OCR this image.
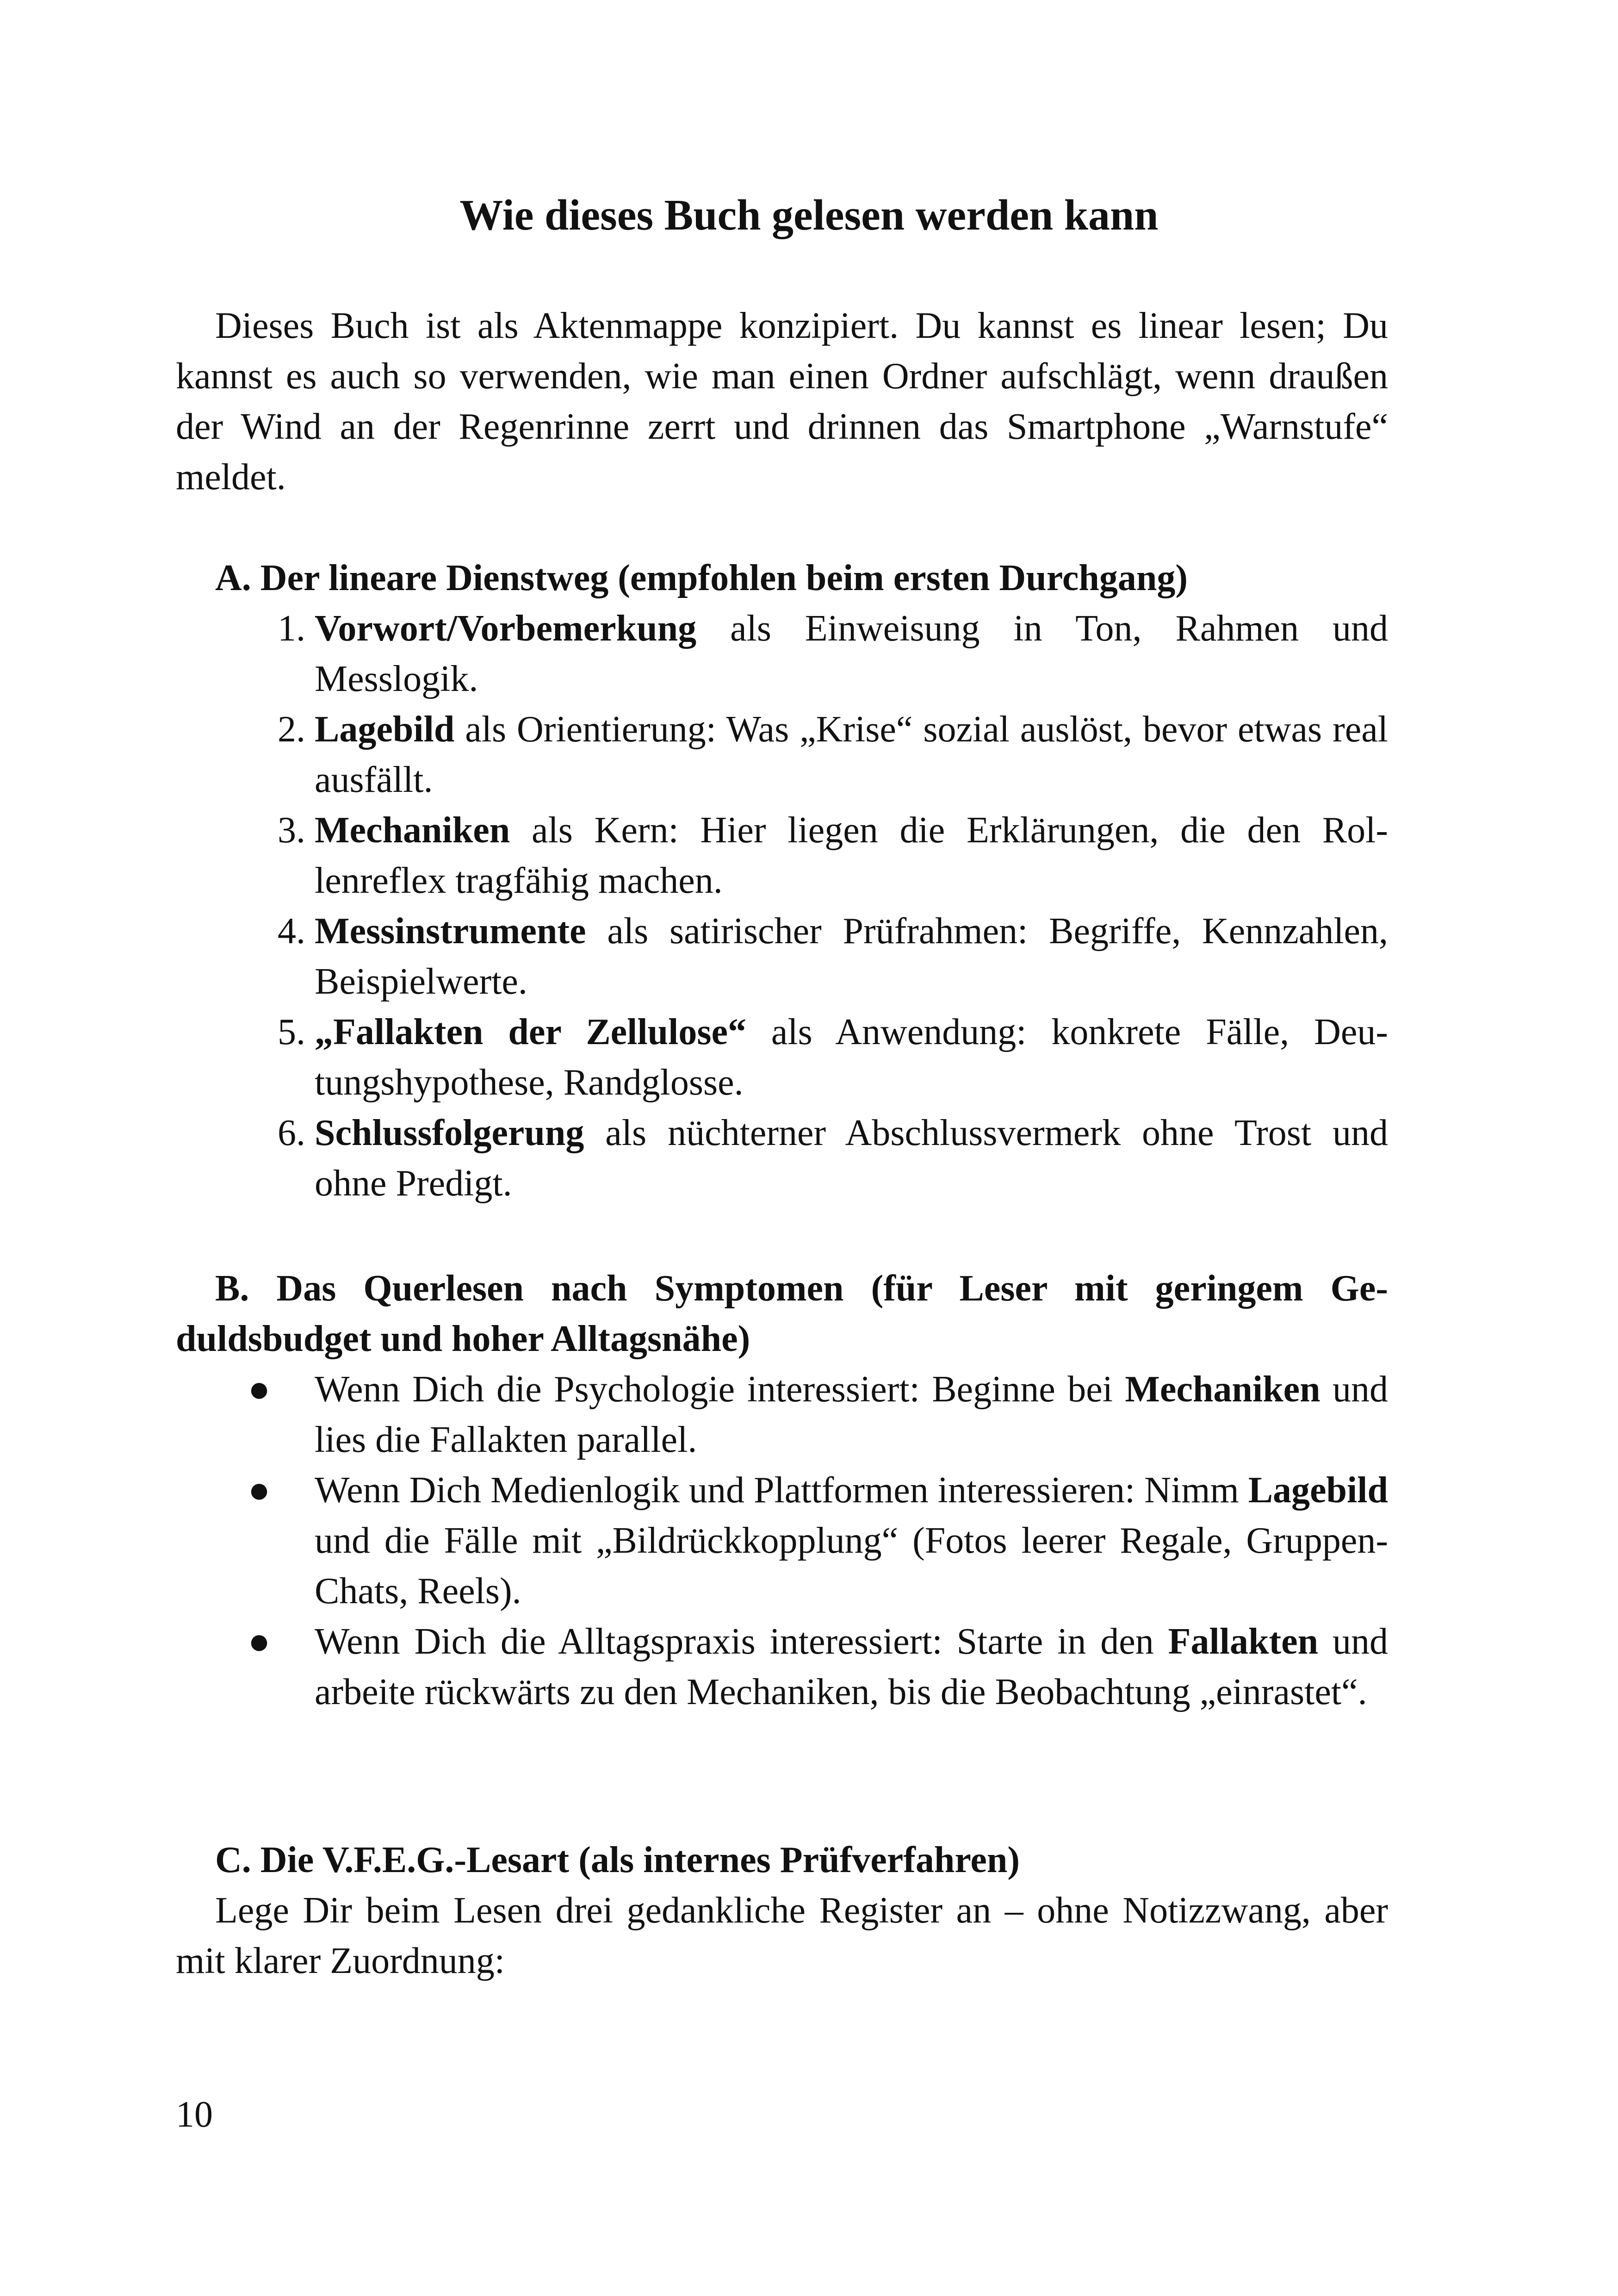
Wie dieses Buch gelesen werden kann

Dieses Buch ist als Aktenmappe konzipiert. Du kannst es linear lesen; Du kannst es auch so verwenden, wie man einen Ordner aufschlägt, wenn draußen der Wind an der Regenrinne zerrt und drinnen das Smartphone „Warnstufe“ meldet.

A. Der lineare Dienstweg (empfohlen beim ersten Durchgang)

1. Vorwort/Vorbemerkung als Einweisung in Ton, Rahmen und Messlogik.
2. Lagebild als Orientierung: Was „Krise“ sozial auslöst, bevor etwas real ausfällt.
3. Mechaniken als Kern: Hier liegen die Erklärungen, die den Rollenreflex tragfähig machen.
4. Messinstrumente als satirischer Prüfrahmen: Begriffe, Kennzahlen, Beispielwerte.
5. „Fallakten der Zellulose“ als Anwendung: konkrete Fälle, Deutungshypothese, Randglosse.
6. Schlussfolgerung als nüchterner Abschlussvermerk ohne Trost und ohne Predigt.

B. Das Querlesen nach Symptomen (für Leser mit geringem Geduldsbudget und hoher Alltagsnähe)

● Wenn Dich die Psychologie interessiert: Beginne bei Mechaniken und lies die Fallakten parallel.
● Wenn Dich Medienlogik und Plattformen interessieren: Nimm Lagebild und die Fälle mit „Bildrückkopplung“ (Fotos leerer Regale, Gruppen-Chats, Reels).
● Wenn Dich die Alltagspraxis interessiert: Starte in den Fallakten und arbeite rückwärts zu den Mechaniken, bis die Beobachtung „einrastet“.

C. Die V.F.E.G.-Lesart (als internes Prüfverfahren)

Lege Dir beim Lesen drei gedankliche Register an – ohne Notizzwang, aber mit klarer Zuordnung:

10
